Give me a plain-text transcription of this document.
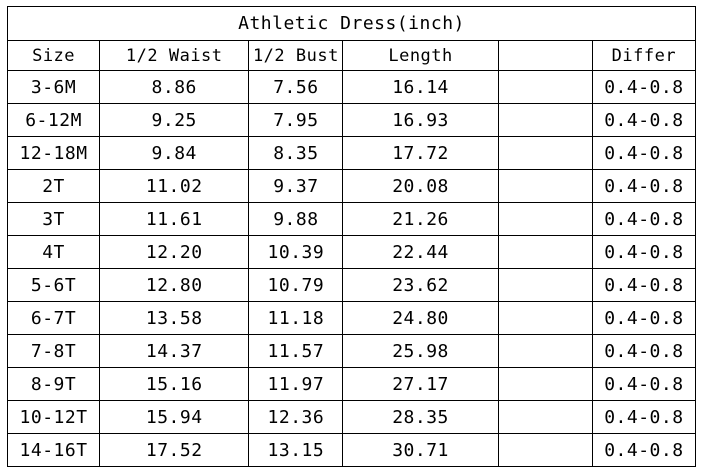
Athletic Dress(inch)					
Size	1/2 Waist	1/2 Bust	Length		Differ
3-6M	8.86	7.56	16.14		0.4-0.8
6-12M	9.25	7.95	16.93		0.4-0.8
12-18M	9.84	8.35	17.72		0.4-0.8
2T	11.02	9.37	20.08		0.4-0.8
3T	11.61	9.88	21.26		0.4-0.8
4T	12.20	10.39	22.44		0.4-0.8
5-6T	12.80	10.79	23.62		0.4-0.8
6-7T	13.58	11.18	24.80		0.4-0.8
7-8T	14.37	11.57	25.98		0.4-0.8
8-9T	15.16	11.97	27.17		0.4-0.8
10-12T	15.94	12.36	28.35		0.4-0.8
14-16T	17.52	13.15	30.71		0.4-0.8
